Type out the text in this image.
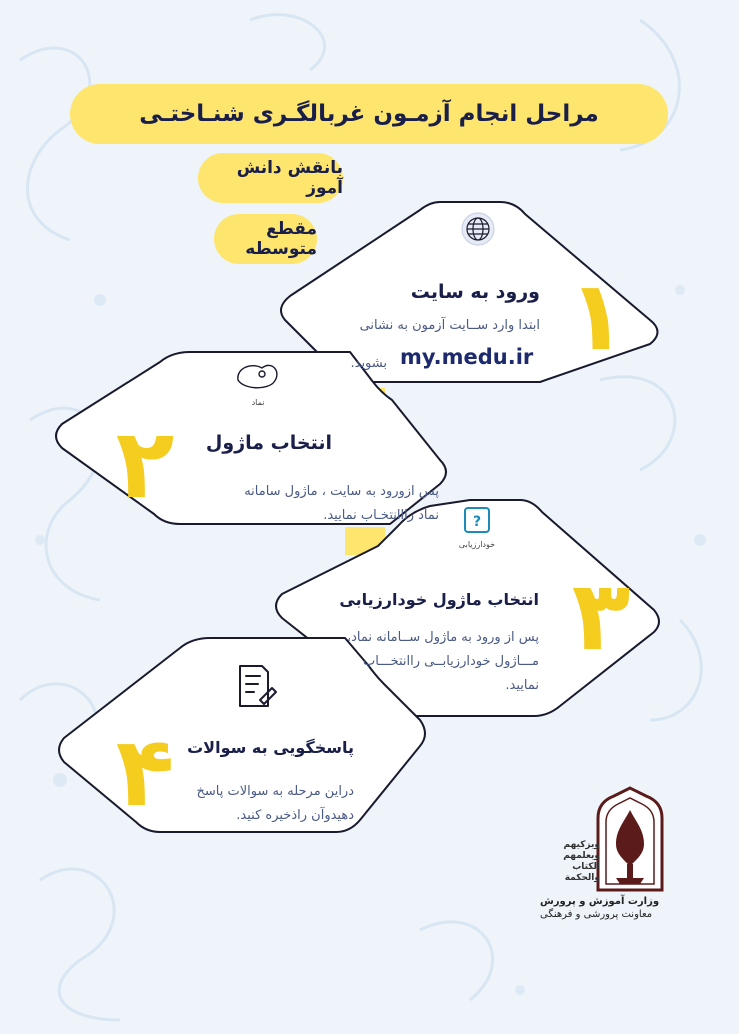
مراحل انجام آزمـون غربالگـری شنـاختـی
بانقش دانش آموز
مقطع متوسطه
?
۱
۲
۳
۴

ورود به سایت

ابتدا وارد ســایت آزمون به نشانی

my.medu.ir

بشوید.

نماد

انتخاب ماژول

پس ازورود به سایت ، ماژول سامانه نماد رااانتخـاب نمایید.

خودارزیابی

انتخاب ماژول خودارزیابی

پس از ورود به ماژول ســامانه نماد، مـــاژول خودارزیابــی راانتخـــاب نمایید.

پاسخگویی به سوالات

دراین مرحله به سوالات پاسخ دهیدوآن راذخیره کنید.

ويزكيهم ويعلمهم الكتاب والحكمة
وزارت آموزش و پرورش
معاونت پرورشی و فرهنگی
